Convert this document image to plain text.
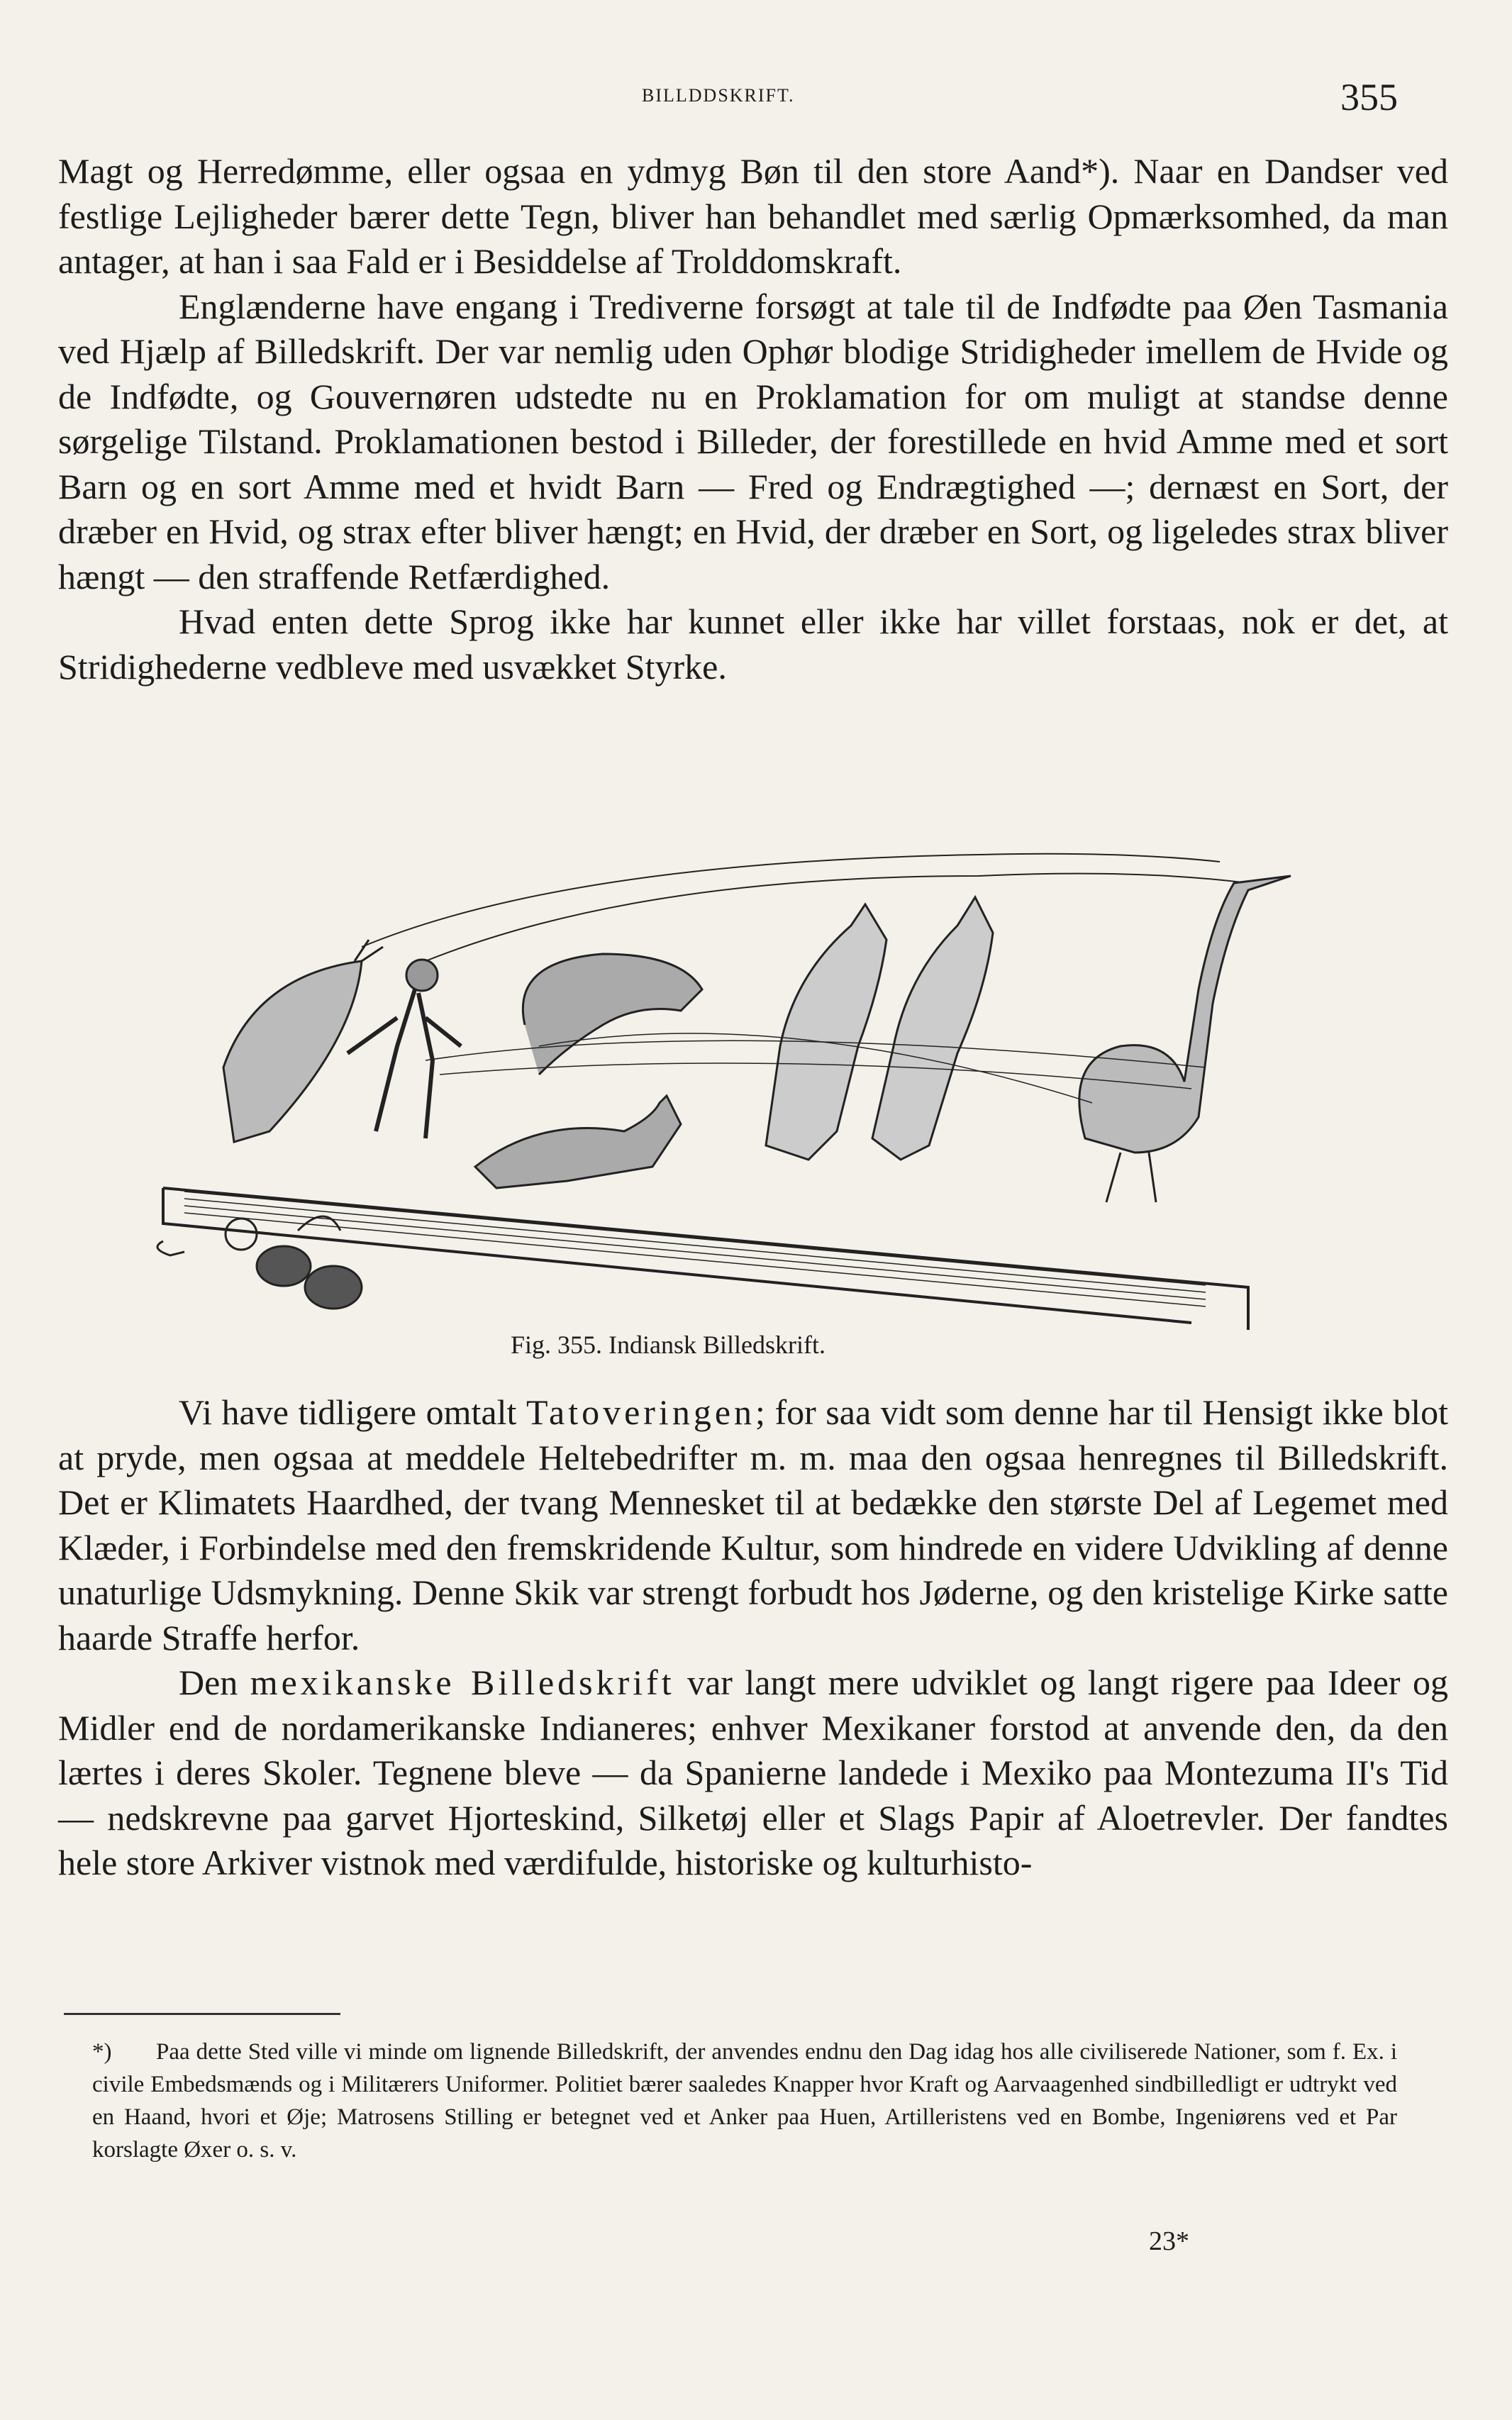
BILLDDSKRIFT.	355

Magt og Herredømme, eller ogsaa en ydmyg Bøn til den store Aand*). Naar en Dandser ved festlige Lejligheder bærer dette Tegn, bliver han behandlet med særlig Opmærksomhed, da man antager, at han i saa Fald er i Besiddelse af Trolddomskraft.

Englænderne have engang i Trediverne forsøgt at tale til de Indfødte paa Øen Tasmania ved Hjælp af Billedskrift. Der var nemlig uden Ophør blodige Stridigheder imellem de Hvide og de Indfødte, og Gouvernøren udstedte nu en Proklamation for om muligt at standse denne sørgelige Tilstand. Proklamationen bestod i Billeder, der forestillede en hvid Amme med et sort Barn og en sort Amme med et hvidt Barn — Fred og Endrægtighed —; dernæst en Sort, der dræber en Hvid, og strax efter bliver hængt; en Hvid, der dræber en Sort, og ligeledes strax bliver hængt — den straffende Retfærdighed.

Hvad enten dette Sprog ikke har kunnet eller ikke har villet forstaas, nok er det, at Stridighederne vedbleve med usvækket Styrke.

Fig. 355. Indiansk Billedskrift.

Vi have tidligere omtalt Tatoveringen; for saa vidt som denne har til Hensigt ikke blot at pryde, men ogsaa at meddele Heltebedrifter m. m. maa den ogsaa henregnes til Billedskrift. Det er Klimatets Haardhed, der tvang Mennesket til at bedække den største Del af Legemet med Klæder, i Forbindelse med den fremskridende Kultur, som hindrede en videre Udvikling af denne unaturlige Udsmykning. Denne Skik var strengt forbudt hos Jøderne, og den kristelige Kirke satte haarde Straffe herfor.

Den mexikanske Billedskrift var langt mere udviklet og langt rigere paa Ideer og Midler end de nordamerikanske Indianeres; enhver Mexikaner forstod at anvende den, da den lærtes i deres Skoler. Tegnene bleve — da Spanierne landede i Mexiko paa Montezuma II's Tid — nedskrevne paa garvet Hjorteskind, Silketøj eller et Slags Papir af Aloetrevler. Der fandtes hele store Arkiver vistnok med værdifulde, historiske og kulturhisto-

*) Paa dette Sted ville vi minde om lignende Billedskrift, der anvendes endnu den Dag idag hos alle civiliserede Nationer, som f. Ex. i civile Embedsmænds og i Militærers Uniformer. Politiet bærer saaledes Knapper hvor Kraft og Aarvaagenhed sindbilledligt er udtrykt ved en Haand, hvori et Øje; Matrosens Stilling er betegnet ved et Anker paa Huen, Artilleristens ved en Bombe, Ingeniørens ved et Par korslagte Øxer o. s. v.

23*
